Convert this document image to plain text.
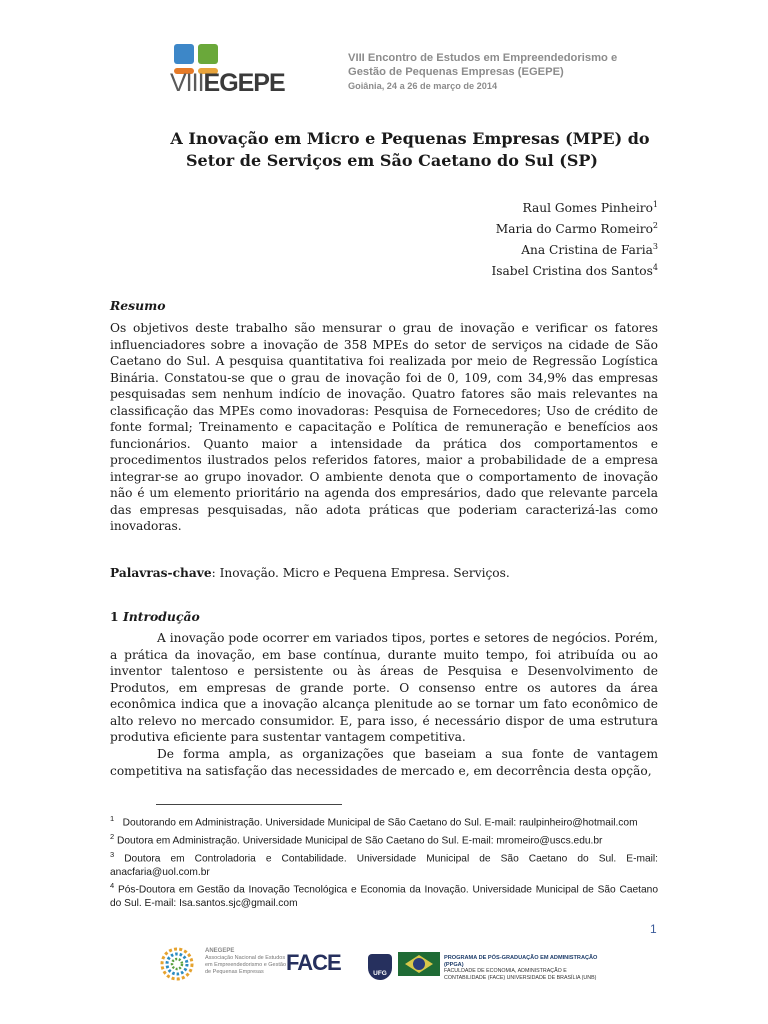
VIIIEGEPE
VIII Encontro de Estudos em Empreendedorismo e
Gestão de Pequenas Empresas (EGEPE)
Goiânia, 24 a 26 de março de 2014
A Inovação em Micro e Pequenas Empresas (MPE) do
Setor de Serviços em São Caetano do Sul (SP)
Raul Gomes Pinheiro$^1$
Maria do Carmo Romeiro$^2$
Ana Cristina de Faria$^3$
Isabel Cristina dos Santos$^4$
Resumo
Os objetivos deste trabalho são mensurar o grau de inovação e verificar os fatores influenciadores sobre a inovação de 358 MPEs do setor de serviços na cidade de São Caetano do Sul. A pesquisa quantitativa foi realizada por meio de Regressão Logística Binária. Constatou-se que o grau de inovação foi de 0, 109, com 34,9% das empresas pesquisadas sem nenhum indício de inovação. Quatro fatores são mais relevantes na classificação das MPEs como inovadoras: Pesquisa de Fornecedores; Uso de crédito de fonte formal; Treinamento e capacitação e Política de remuneração e benefícios aos funcionários. Quanto maior a intensidade da prática dos comportamentos e procedimentos ilustrados pelos referidos fatores, maior a probabilidade de a empresa integrar-se ao grupo inovador. O ambiente denota que o comportamento de inovação não é um elemento prioritário na agenda dos empresários, dado que relevante parcela das empresas pesquisadas, não adota práticas que poderiam caracterizá-las como inovadoras.
Palavras-chave: Inovação. Micro e Pequena Empresa. Serviços.
1 Introdução
A inovação pode ocorrer em variados tipos, portes e setores de negócios. Porém, a prática da inovação, em base contínua, durante muito tempo, foi atribuída ou ao inventor talentoso e persistente ou às áreas de Pesquisa e Desenvolvimento de Produtos, em empresas de grande porte. O consenso entre os autores da área econômica indica que a inovação alcança plenitude ao se tornar um fato econômico de alto relevo no mercado consumidor. E, para isso, é necessário dispor de uma estrutura produtiva eficiente para sustentar vantagem competitiva.
De forma ampla, as organizações que baseiam a sua fonte de vantagem competitiva na satisfação das necessidades de mercado e, em decorrência desta opção,

$^1$ Doutorando em Administração. Universidade Municipal de São Caetano do Sul. E-mail: raulpinheiro@hotmail.com

$^2$ Doutora em Administração. Universidade Municipal de São Caetano do Sul. E-mail: mromeiro@uscs.edu.br

$^3$ Doutora em Controladoria e Contabilidade. Universidade Municipal de São Caetano do Sul. E-mail: anacfaria@uol.com.br

$^4$ Pós-Doutora em Gestão da Inovação Tecnológica e Economia da Inovação. Universidade Municipal de São Caetano do Sul. E-mail: Isa.santos.sjc@gmail.com

1
ANEGEPE
Associação Nacional de Estudos em Empreendedorismo e Gestão de Pequenas Empresas	FACE	UFG
PROGRAMA DE PÓS-GRADUAÇÃO EM ADMINISTRAÇÃO (PPGA)
FACULDADE DE ECONOMIA, ADMINISTRAÇÃO E CONTABILIDADE (FACE) UNIVERSIDADE DE BRASÍLIA (UNB)
